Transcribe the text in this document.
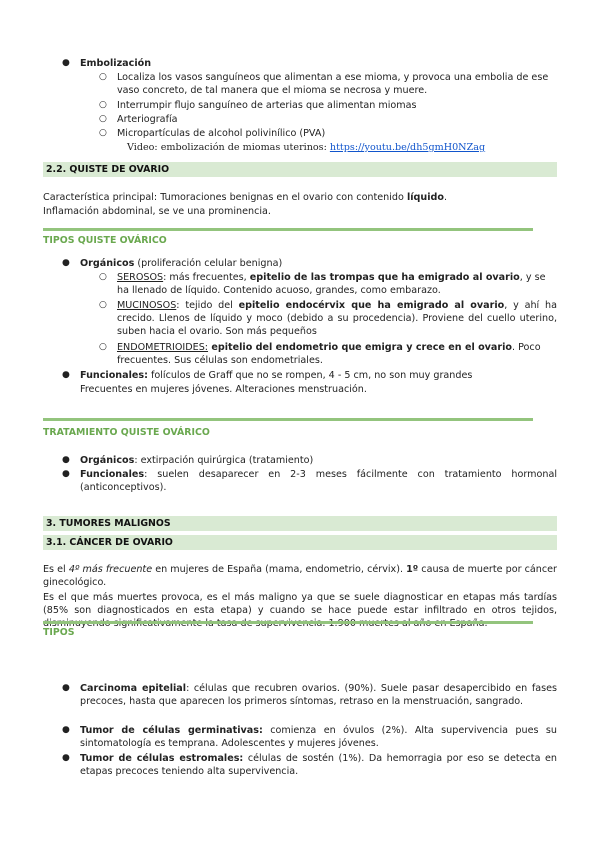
● Embolización
○ Localiza los vasos sanguíneos que alimentan a ese mioma, y provoca una embolia de ese vaso concreto, de tal manera que el mioma se necrosa y muere.
○ Interrumpir flujo sanguíneo de arterias que alimentan miomas
○ Arteriografía
○ Micropartículas de alcohol polivinílico (PVA)
Video: embolización de miomas uterinos: https://youtu.be/dh5gmH0NZag
2.2. QUISTE DE OVARIO
Característica principal: Tumoraciones benignas en el ovario con contenido líquido.
Inflamación abdominal, se ve una prominencia.
TIPOS QUISTE OVÁRICO
● Orgánicos (proliferación celular benigna)
○ SEROSOS: más frecuentes, epitelio de las trompas que ha emigrado al ovario, y se ha llenado de líquido. Contenido acuoso, grandes, como embarazo.
○ MUCINOSOS: tejido del epitelio endocérvix que ha emigrado al ovario, y ahí ha crecido. Llenos de líquido y moco (debido a su procedencia). Proviene del cuello uterino, suben hacia el ovario. Son más pequeños
○ ENDOMETRIOIDES: epitelio del endometrio que emigra y crece en el ovario. Poco frecuentes. Sus células son endometriales.
● Funcionales: folículos de Graff que no se rompen, 4 - 5 cm, no son muy grandes
Frecuentes en mujeres jóvenes. Alteraciones menstruación.
TRATAMIENTO QUISTE OVÁRICO
● Orgánicos: extirpación quirúrgica (tratamiento)
● Funcionales: suelen desaparecer en 2-3 meses fácilmente con tratamiento hormonal (anticonceptivos).
3. TUMORES MALIGNOS
3.1. CÁNCER DE OVARIO
Es el 4º más frecuente en mujeres de España (mama, endometrio, cérvix). 1º causa de muerte por cáncer ginecológico.
Es el que más muertes provoca, es el más maligno ya que se suele diagnosticar en etapas más tardías (85% son diagnosticados en esta etapa) y cuando se hace puede estar infiltrado en otros tejidos,
TIPOS
● Carcinoma epitelial: células que recubren ovarios. (90%). Suele pasar desapercibido en fases precoces, hasta que aparecen los primeros síntomas, retraso en la menstruación, sangrado.
● Tumor de células germinativas: comienza en óvulos (2%). Alta supervivencia pues su sintomatología es temprana. Adolescentes y mujeres jóvenes.
● Tumor de células estromales: células de sostén (1%). Da hemorragia por eso se detecta en etapas precoces teniendo alta supervivencia.
